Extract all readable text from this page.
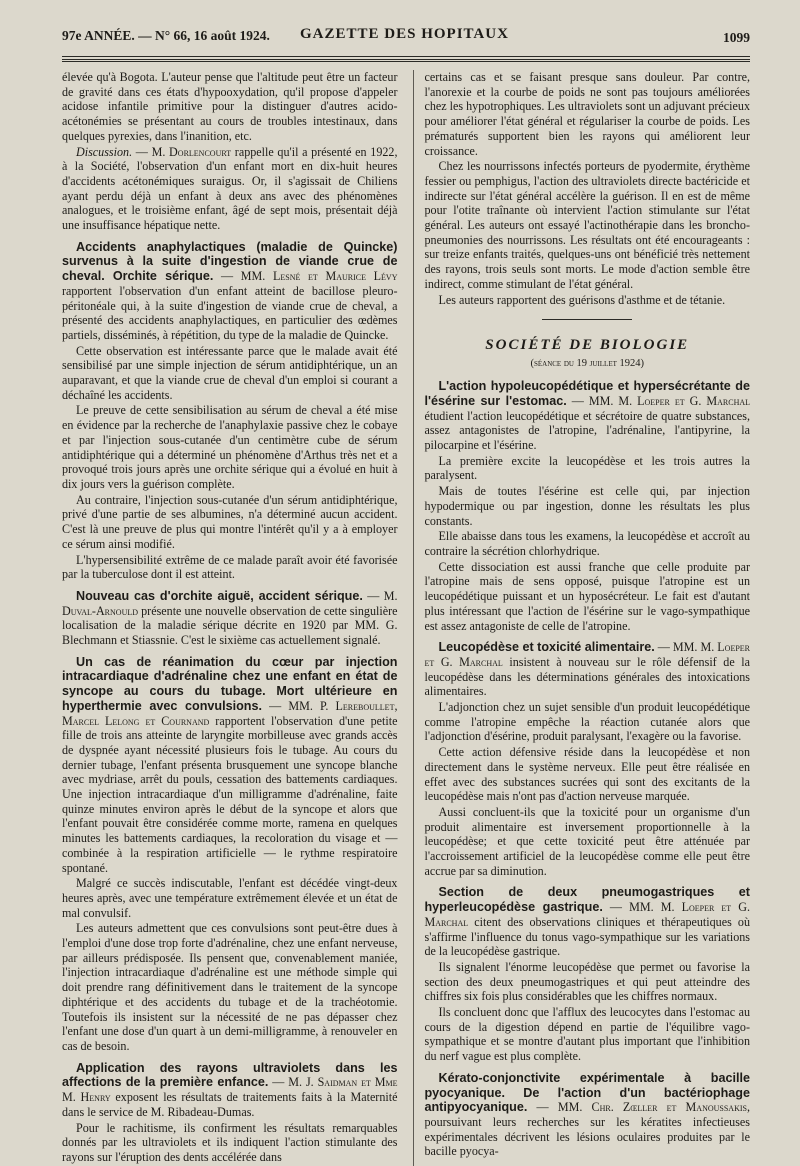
97e ANNÉE. — N° 66, 16 août 1924. GAZETTE DES HOPITAUX	1099

élevée qu'à Bogota. L'auteur pense que l'altitude peut être un facteur de gravité dans ces états d'hypooxydation, qu'il propose d'appeler acidose infantile primitive pour la distinguer d'autres acido-acétonémies se présentant au cours de troubles intestinaux, dans quelques pyrexies, dans l'inanition, etc.

Discussion. — M. Dorlencourt rappelle qu'il a présenté en 1922, à la Société, l'observation d'un enfant mort en dix-huit heures d'accidents acétonémiques suraigus. Or, il s'agissait de Chiliens ayant perdu déjà un enfant à deux ans avec des phénomènes analogues, et le troisième enfant, âgé de sept mois, présentait déjà une insuffisance hépatique nette.

Accidents anaphylactiques (maladie de Quincke) survenus à la suite d'ingestion de viande crue de cheval. Orchite sérique. — MM. Lesné et Maurice Lévy rapportent l'observation d'un enfant atteint de bacillose pleuro-péritonéale qui, à la suite d'ingestion de viande crue de cheval, a présenté des accidents anaphylactiques, en particulier des œdèmes partiels, disséminés, à répétition, du type de la maladie de Quincke.

Cette observation est intéressante parce que le malade avait été sensibilisé par une simple injection de sérum antidiphtérique, un an auparavant, et que la viande crue de cheval d'un emploi si courant a déchaîné les accidents.

Le preuve de cette sensibilisation au sérum de cheval a été mise en évidence par la recherche de l'anaphylaxie passive chez le cobaye et par l'injection sous-cutanée d'un centimètre cube de sérum antidiphtérique qui a déterminé un phénomène d'Arthus très net et a provoqué trois jours après une orchite sérique qui a évolué en huit à dix jours vers la guérison complète.

Au contraire, l'injection sous-cutanée d'un sérum antidiphtérique, privé d'une partie de ses albumines, n'a déterminé aucun accident. C'est là une preuve de plus qui montre l'intérêt qu'il y a à employer ce sérum ainsi modifié.

L'hypersensibilité extrême de ce malade paraît avoir été favorisée par la tuberculose dont il est atteint.

Nouveau cas d'orchite aiguë, accident sérique. — M. Duval-Arnould présente une nouvelle observation de cette singulière localisation de la maladie sérique décrite en 1920 par MM. G. Blechmann et Stiassnie. C'est le sixième cas actuellement signalé.

Un cas de réanimation du cœur par injection intracardiaque d'adrénaline chez une enfant en état de syncope au cours du tubage. Mort ultérieure en hyperthermie avec convulsions. — MM. P. Lereboullet, Marcel Lelong et Cournand rapportent l'observation d'une petite fille de trois ans atteinte de laryngite morbilleuse avec grands accès de dyspnée ayant nécessité plusieurs fois le tubage. Au cours du dernier tubage, l'enfant présenta brusquement une syncope blanche avec mydriase, arrêt du pouls, cessation des battements cardiaques. Une injection intracardiaque d'un milligramme d'adrénaline, faite quinze minutes environ après le début de la syncope et alors que l'enfant pouvait être considérée comme morte, ramena en quelques minutes les battements cardiaques, la recoloration du visage et — combinée à la respiration artificielle — le rythme respiratoire spontané.

Malgré ce succès indiscutable, l'enfant est décédée vingt-deux heures après, avec une température extrêmement élevée et un état de mal convulsif.

Les auteurs admettent que ces convulsions sont peut-être dues à l'emploi d'une dose trop forte d'adrénaline, chez une enfant nerveuse, par ailleurs prédisposée. Ils pensent que, convenablement maniée, l'injection intracardiaque d'adrénaline est une méthode simple qui doit prendre rang définitivement dans le traitement de la syncope diphtérique et des accidents du tubage et de la trachéotomie. Toutefois ils insistent sur la nécessité de ne pas dépasser chez l'enfant une dose d'un quart à un demi-milligramme, à renouveler en cas de besoin.

Application des rayons ultraviolets dans les affections de la première enfance. — M. J. Saidman et Mme M. Henry exposent les résultats de traitements faits à la Maternité dans le service de M. Ribadeau-Dumas.

Pour le rachitisme, ils confirment les résultats remarquables donnés par les ultraviolets et ils indiquent l'action stimulante des rayons sur l'éruption des dents accélérée dans

certains cas et se faisant presque sans douleur. Par contre, l'anorexie et la courbe de poids ne sont pas toujours améliorées chez les hypotrophiques. Les ultraviolets sont un adjuvant précieux pour améliorer l'état général et régulariser la courbe de poids. Les prématurés supportent bien les rayons qui améliorent leur croissance.

Chez les nourrissons infectés porteurs de pyodermite, érythème fessier ou pemphigus, l'action des ultraviolets directe bactéricide et indirecte sur l'état général accélère la guérison. Il en est de même pour l'otite traînante où intervient l'action stimulante sur l'état général. Les auteurs ont essayé l'actinothérapie dans les broncho-pneumonies des nourrissons. Les résultats ont été encourageants : sur treize enfants traités, quelques-uns ont bénéficié très nettement des rayons, trois seuls sont morts. Le mode d'action semble être indirect, comme stimulant de l'état général.

Les auteurs rapportent des guérisons d'asthme et de tétanie.

SOCIÉTÉ DE BIOLOGIE
(séance du 19 juillet 1924)

L'action hypoleucopédétique et hypersécrétante de l'ésérine sur l'estomac. — MM. M. Loeper et G. Marchal étudient l'action leucopédétique et sécrétoire de quatre substances, assez antagonistes de l'atropine, l'adrénaline, l'antipyrine, la pilocarpine et l'ésérine.

La première excite la leucopédèse et les trois autres la paralysent.

Mais de toutes l'ésérine est celle qui, par injection hypodermique ou par ingestion, donne les résultats les plus constants.

Elle abaisse dans tous les examens, la leucopédèse et accroît au contraire la sécrétion chlorhydrique.

Cette dissociation est aussi franche que celle produite par l'atropine mais de sens opposé, puisque l'atropine est un leucopédétique puissant et un hyposécréteur. Le fait est d'autant plus intéressant que l'action de l'ésérine sur le vago-sympathique est assez antagoniste de celle de l'atropine.

Leucopédèse et toxicité alimentaire. — MM. M. Loeper et G. Marchal insistent à nouveau sur le rôle défensif de la leucopédèse dans les déterminations générales des intoxications alimentaires.

L'adjonction chez un sujet sensible d'un produit leucopédétique comme l'atropine empêche la réaction cutanée alors que l'adjonction d'ésérine, produit paralysant, l'exagère ou la favorise.

Cette action défensive réside dans la leucopédèse et non directement dans le système nerveux. Elle peut être réalisée en effet avec des substances sucrées qui sont des excitants de la leucopédèse mais n'ont pas d'action nerveuse marquée.

Aussi concluent-ils que la toxicité pour un organisme d'un produit alimentaire est inversement proportionnelle à la leucopédèse; et que cette toxicité peut être atténuée par l'accroissement artificiel de la leucopédèse comme elle peut être accrue par sa diminution.

Section de deux pneumogastriques et hyperleucopédèse gastrique. — MM. M. Loeper et G. Marchal citent des observations cliniques et thérapeutiques où s'affirme l'influence du tonus vago-sympathique sur les variations de la leucopédèse gastrique.

Ils signalent l'énorme leucopédèse que permet ou favorise la section des deux pneumogastriques et qui peut atteindre des chiffres six fois plus considérables que les chiffres normaux.

Ils concluent donc que l'afflux des leucocytes dans l'estomac au cours de la digestion dépend en partie de l'équilibre vago-sympathique et se montre d'autant plus important que l'inhibition du nerf vague est plus complète.

Kérato-conjonctivite expérimentale à bacille pyocyanique. De l'action d'un bactériophage antipyocyanique. — MM. Chr. Zœller et Manoussakis, poursuivant leurs recherches sur les kératites infectieuses expérimentales décrivent les lésions oculaires produites par le bacille pyocya-
